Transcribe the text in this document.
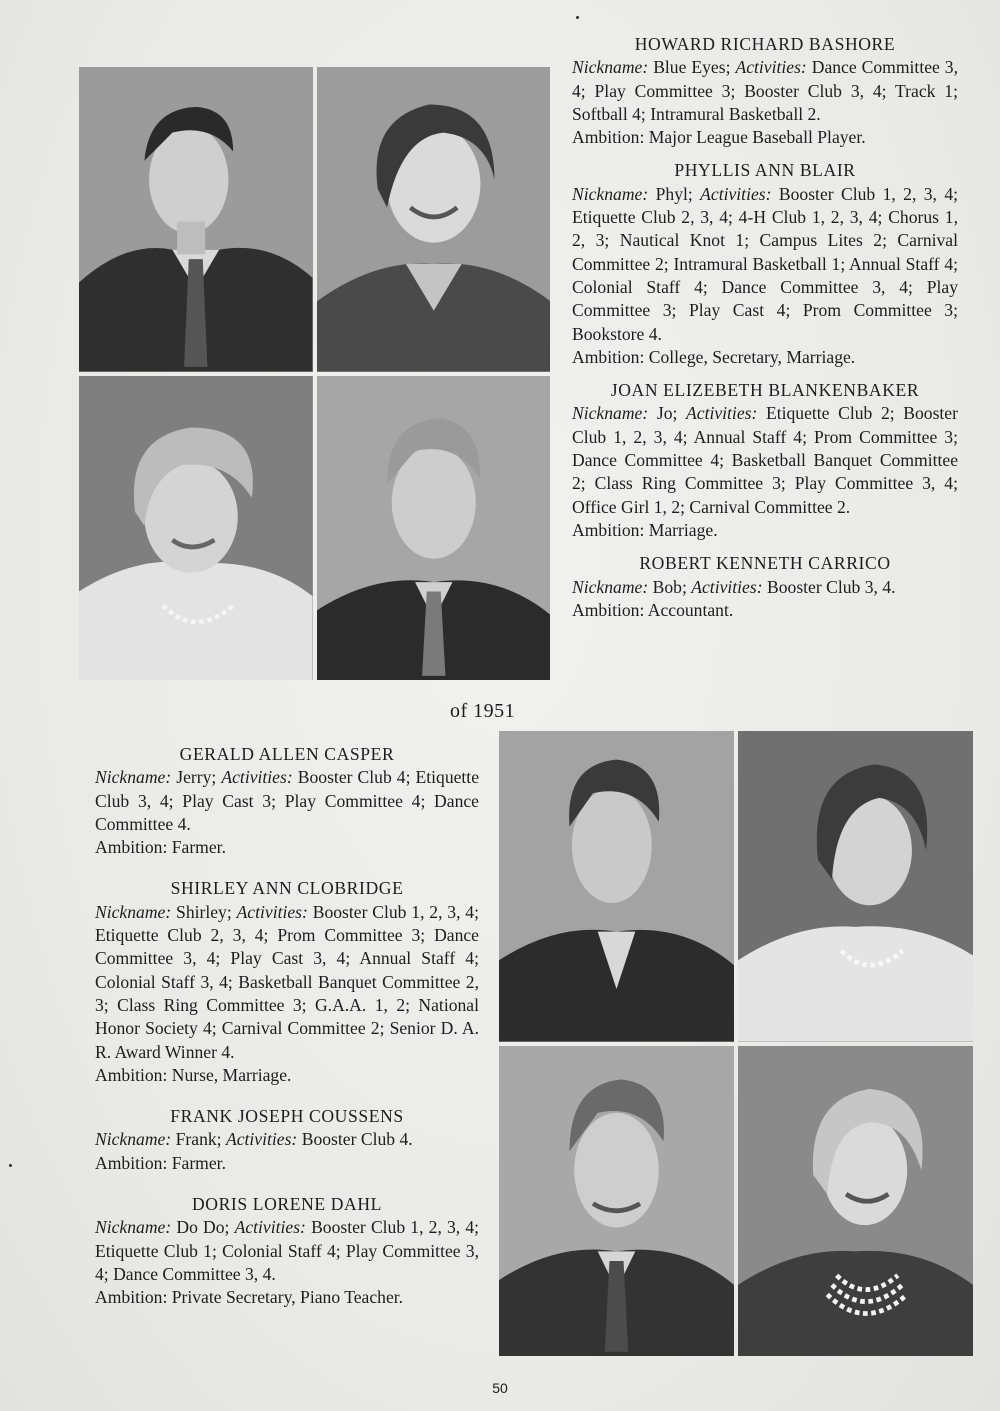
HOWARD RICHARD BASHORE

Nickname: Blue Eyes; Activities: Dance Committee 3, 4; Play Committee 3; Booster Club 3, 4; Track 1; Softball 4; Intramural Basketball 2.

Ambition: Major League Baseball Player.

PHYLLIS ANN BLAIR

Nickname: Phyl; Activities: Booster Club 1, 2, 3, 4; Etiquette Club 2, 3, 4; 4-H Club 1, 2, 3, 4; Chorus 1, 2, 3; Nautical Knot 1; Campus Lites 2; Carnival Committee 2; Intramural Basketball 1; Annual Staff 4; Colonial Staff 4; Dance Committee 3, 4; Play Committee 3; Play Cast 4; Prom Committee 3; Bookstore 4.

Ambition: College, Secretary, Marriage.

JOAN ELIZEBETH BLANKENBAKER

Nickname: Jo; Activities: Etiquette Club 2; Booster Club 1, 2, 3, 4; Annual Staff 4; Prom Committee 3; Dance Committee 4; Basketball Banquet Committee 2; Class Ring Committee 3; Play Committee 3, 4; Office Girl 1, 2; Carnival Committee 2.

Ambition: Marriage.

ROBERT KENNETH CARRICO

Nickname: Bob; Activities: Booster Club 3, 4.

Ambition: Accountant.

of 1951
GERALD ALLEN CASPER

Nickname: Jerry; Activities: Booster Club 4; Etiquette Club 3, 4; Play Cast 3; Play Committee 4; Dance Committee 4.

Ambition: Farmer.

SHIRLEY ANN CLOBRIDGE

Nickname: Shirley; Activities: Booster Club 1, 2, 3, 4; Etiquette Club 2, 3, 4; Prom Committee 3; Dance Committee 3, 4; Play Cast 3, 4; Annual Staff 4; Colonial Staff 3, 4; Basketball Banquet Committee 2, 3; Class Ring Committee 3; G.A.A. 1, 2; National Honor Society 4; Carnival Committee 2; Senior D. A. R. Award Winner 4.

Ambition: Nurse, Marriage.

FRANK JOSEPH COUSSENS

Nickname: Frank; Activities: Booster Club 4.

Ambition: Farmer.

DORIS LORENE DAHL

Nickname: Do Do; Activities: Booster Club 1, 2, 3, 4; Etiquette Club 1; Colonial Staff 4; Play Committee 3, 4; Dance Committee 3, 4.

Ambition: Private Secretary, Piano Teacher.

50
